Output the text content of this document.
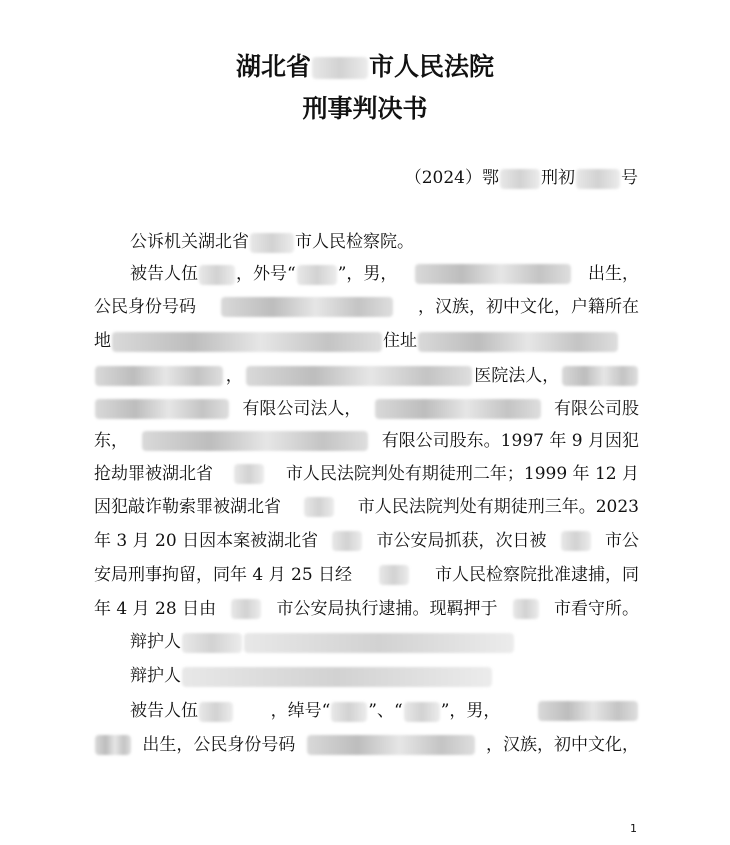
湖北省 市人民法院
刑事判决书
（2024）鄂 刑初	号
公诉机关湖北省	市人民检察院。
被告人伍 ，外号“ ”，男，	出生，
公民身份号码	，汉族，初中文化，户籍所在
地	住址
，	医院法人，
有限公司法人，	有限公司股
东，	有限公司股东。1997 年 9 月因犯
抢劫罪被湖北省	市人民法院判处有期徒刑二年；1999 年 12 月
因犯敲诈勒索罪被湖北省	市人民法院判处有期徒刑三年。2023
年 3 月 20 日因本案被湖北省	市公安局抓获，次日被	市公
安局刑事拘留，同年 4 月 25 日经	市人民检察院批准逮捕，同
年 4 月 28 日由	市公安局执行逮捕。现羁押于	市看守所。
辩护人
辩护人
被告人伍	，绰号“ ”、“ ”，男，
出生，公民身份号码	，汉族，初中文化，
1
